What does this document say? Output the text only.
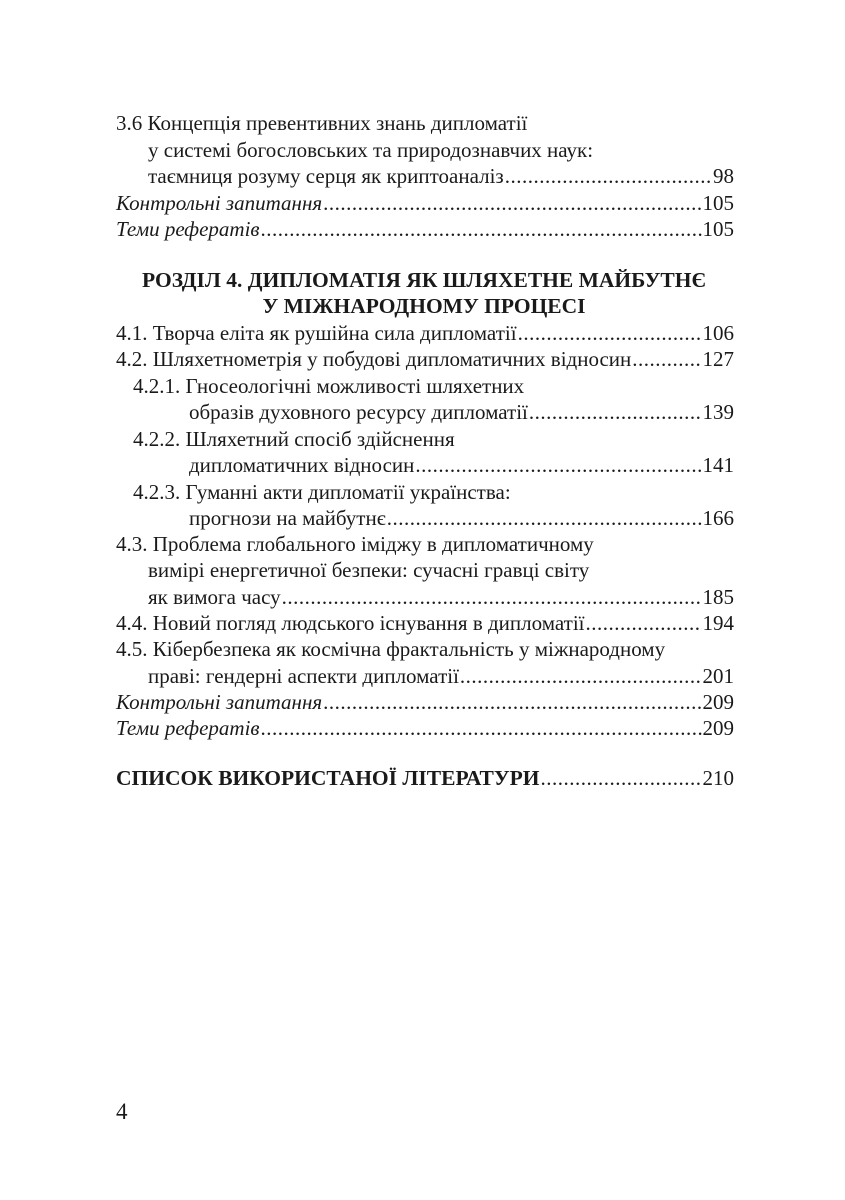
3.6 Концепція превентивних знань дипломатії
у системі богословських та природознавчих наук:
таємниця розуму серця як криптоаналіз .....	98
Контрольні запитання .....	105
Теми рефератів .....	105
РОЗДІЛ 4. ДИПЛОМАТІЯ ЯК ШЛЯХЕТНЕ МАЙБУТНЄ
У МІЖНАРОДНОМУ ПРОЦЕСІ
4.1. Творча еліта як рушійна сила дипломатії .....	106
4.2. Шляхетнометрія у побудові дипломатичних відносин .....	127
4.2.1. Гносеологічні можливості шляхетних
образів духовного ресурсу дипломатії .....	139
4.2.2. Шляхетний спосіб здійснення
дипломатичних відносин .....	141
4.2.3. Гуманні акти дипломатії українства:
прогнози на майбутнє .....	166
4.3. Проблема глобального іміджу в дипломатичному
вимірі енергетичної безпеки: сучасні гравці світу
як вимога часу .....	185
4.4. Новий погляд людського існування в дипломатії .....	194
4.5. Кібербезпека як космічна фрактальність у міжнародному
праві: гендерні аспекти дипломатії .....	201
Контрольні запитання .....	209
Теми рефератів .....	209
СПИСОК ВИКОРИСТАНОЇ ЛІТЕРАТУРИ .....	210
4
